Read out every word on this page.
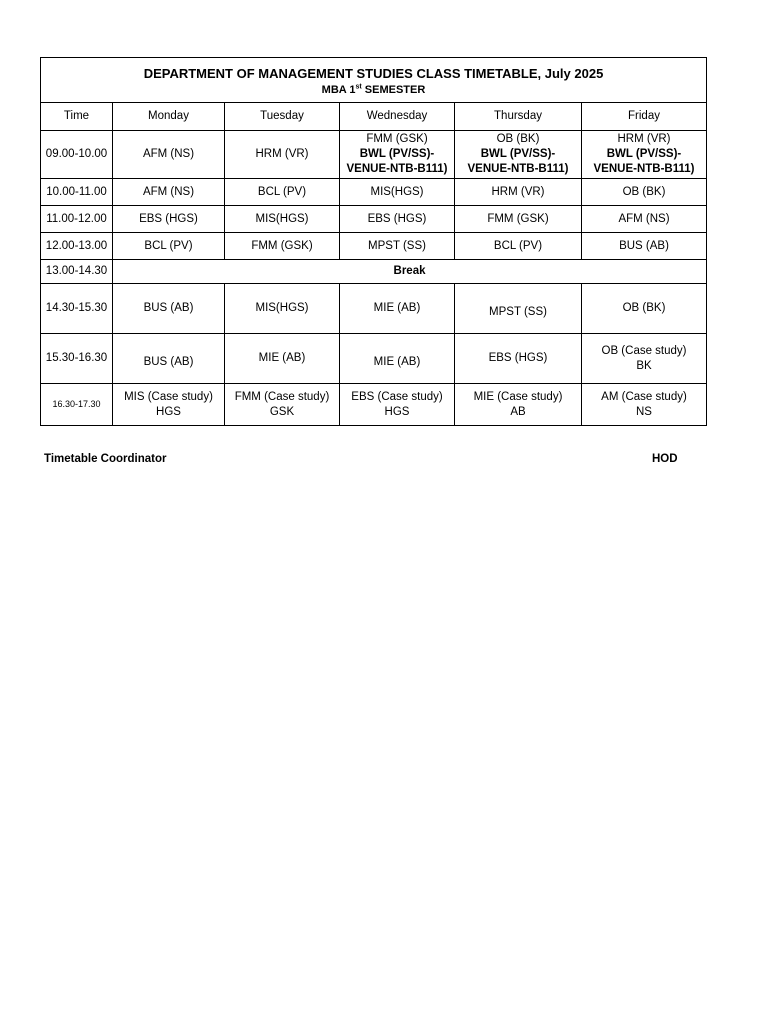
DEPARTMENT OF MANAGEMENT STUDIES CLASS TIMETABLE, July 2025
MBA 1st SEMESTER					

Time	Monday	Tuesday	Wednesday	Thursday	Friday
09.00-10.00	AFM (NS)	HRM (VR)	FMM (GSK)
BWL (PV/SS)-
VENUE-NTB-B111)	OB (BK)
BWL (PV/SS)-
VENUE-NTB-B111)	HRM (VR)
BWL (PV/SS)-
VENUE-NTB-B111)

10.00-11.00	AFM (NS)	BCL (PV)	MIS(HGS)	HRM (VR)	OB (BK)
11.00-12.00	EBS (HGS)	MIS(HGS)	EBS (HGS)	FMM (GSK)	AFM (NS)
12.00-13.00	BCL (PV)	FMM (GSK)	MPST (SS)	BCL (PV)	BUS (AB)
13.00-14.30	Break				
14.30-15.30	BUS (AB)	MIS(HGS)	MIE (AB)	MPST (SS)	OB (BK)
15.30-16.30	BUS (AB)	MIE (AB)	MIE (AB)	EBS (HGS)	OB (Case study)
BK

16.30-17.30	MIS (Case study)
HGS	FMM (Case study)
GSK	EBS (Case study)
HGS	MIE (Case study)
AB	AM (Case study)
NS
Timetable Coordinator	HOD
